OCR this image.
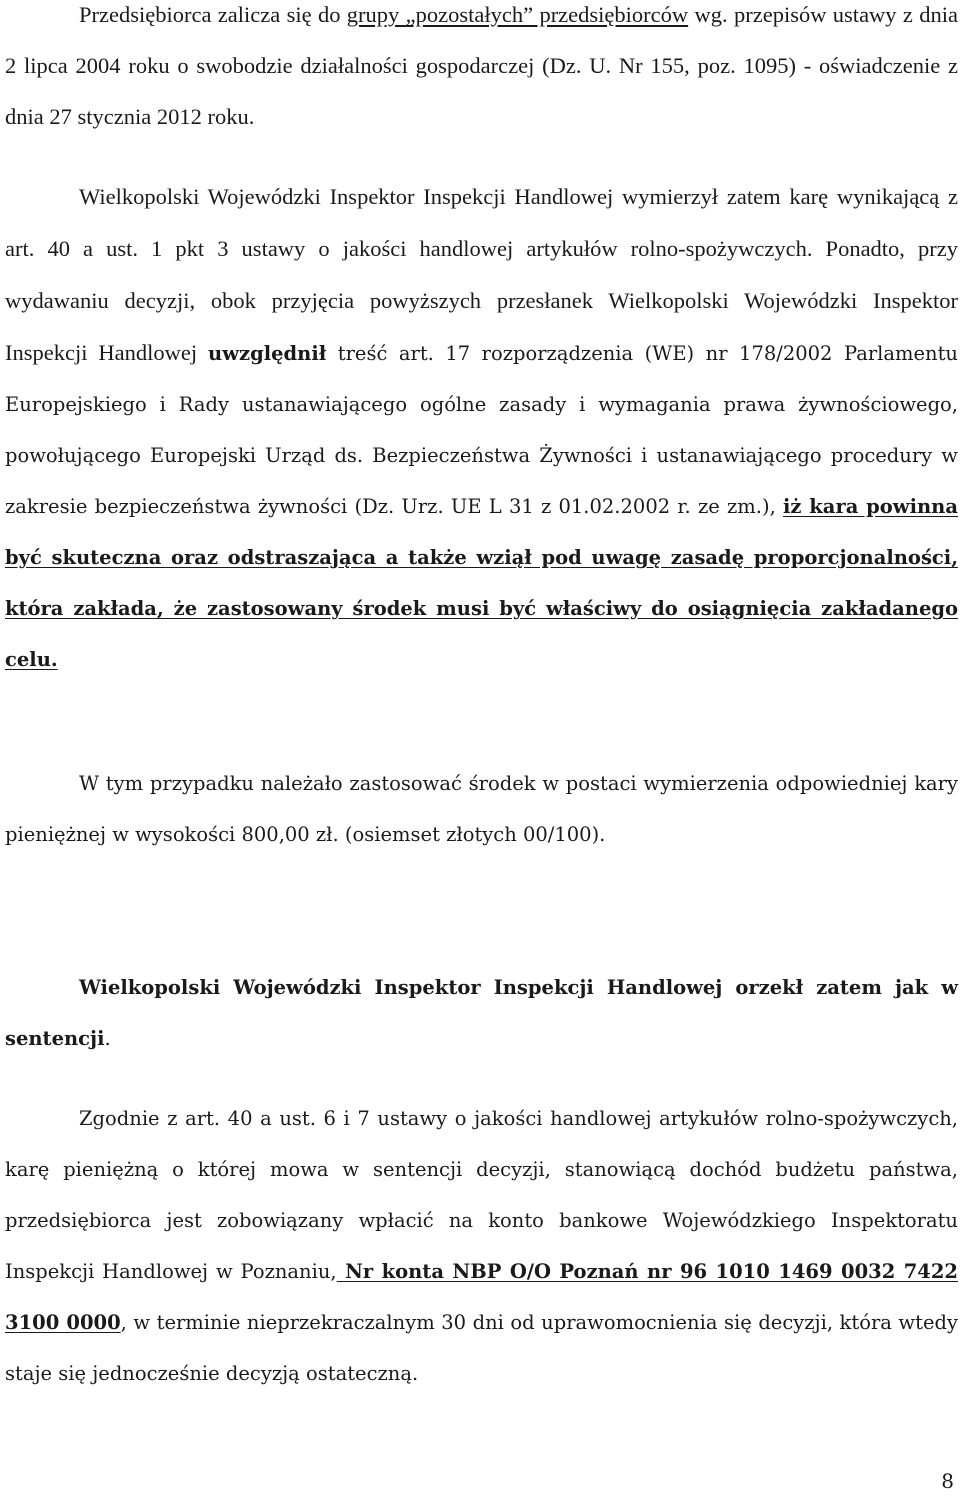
Przedsiębiorca zalicza się do grupy „pozostałych” przedsiębiorców wg. przepisów ustawy z dnia 2 lipca 2004 roku o swobodzie działalności gospodarczej (Dz. U. Nr 155, poz. 1095) - oświadczenie z dnia 27 stycznia 2012 roku.

Wielkopolski Wojewódzki Inspektor Inspekcji Handlowej wymierzył zatem karę wynikającą z art. 40 a ust. 1 pkt 3 ustawy o jakości handlowej artykułów rolno-spożywczych. Ponadto, przy wydawaniu decyzji, obok przyjęcia powyższych przesłanek Wielkopolski Wojewódzki Inspektor Inspekcji Handlowej uwzględnił treść art. 17 rozporządzenia (WE) nr 178/2002 Parlamentu Europejskiego i Rady ustanawiającego ogólne zasady i wymagania prawa żywnościowego, powołującego Europejski Urząd ds. Bezpieczeństwa Żywności i ustanawiającego procedury w zakresie bezpieczeństwa żywności (Dz. Urz. UE L 31 z 01.02.2002 r. ze zm.), iż kara powinna być skuteczna oraz odstraszająca a także wziął pod uwagę zasadę proporcjonalności, która zakłada, że zastosowany środek musi być właściwy do osiągnięcia zakładanego celu.

W tym przypadku należało zastosować środek w postaci wymierzenia odpowiedniej kary pieniężnej w wysokości 800,00 zł. (osiemset złotych 00/100).

Wielkopolski Wojewódzki Inspektor Inspekcji Handlowej orzekł zatem jak w sentencji.

Zgodnie z art. 40 a ust. 6 i 7 ustawy o jakości handlowej artykułów rolno-spożywczych, karę pieniężną o której mowa w sentencji decyzji, stanowiącą dochód budżetu państwa, przedsiębiorca jest zobowiązany wpłacić na konto bankowe Wojewódzkiego Inspektoratu Inspekcji Handlowej w Poznaniu, Nr konta NBP O/O Poznań nr 96 1010 1469 0032 7422 3100 0000, w terminie nieprzekraczalnym 30 dni od uprawomocnienia się decyzji, która wtedy staje się jednocześnie decyzją ostateczną.

8
